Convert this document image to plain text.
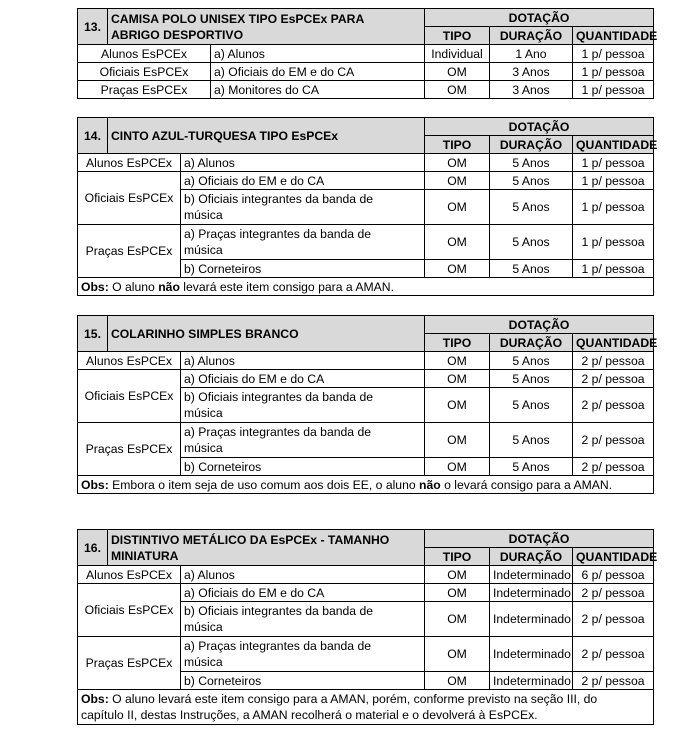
13.	CAMISA POLO UNISEX TIPO EsPCEx PARA
ABRIGO DESPORTIVO		DOTAÇÃO		
			TIPO	DURAÇÃO	QUANTIDADE
Alunos EsPCEx		a) Alunos	Individual	1 Ano	1 p/ pessoa
Oficiais EsPCEx		a) Oficiais do EM e do CA	OM	3 Anos	1 p/ pessoa
Praças EsPCEx		a) Monitores do CA	OM	3 Anos	1 p/ pessoa
14.	CINTO AZUL-TURQUESA TIPO EsPCEx		DOTAÇÃO		
			TIPO	DURAÇÃO	QUANTIDADE
Alunos EsPCEx		a) Alunos	OM	5 Anos	1 p/ pessoa
Oficiais EsPCEx		a) Oficiais do EM e do CA	OM	5 Anos	1 p/ pessoa
		b) Oficiais integrantes da banda de
música	OM	5 Anos	1 p/ pessoa
Praças EsPCEx		a) Praças integrantes da banda de
música	OM	5 Anos	1 p/ pessoa
		b) Corneteiros	OM	5 Anos	1 p/ pessoa
Obs: O aluno não levará este item consigo para a AMAN.					
15.	COLARINHO SIMPLES BRANCO		DOTAÇÃO		
			TIPO	DURAÇÃO	QUANTIDADE
Alunos EsPCEx		a) Alunos	OM	5 Anos	2 p/ pessoa
Oficiais EsPCEx		a) Oficiais do EM e do CA	OM	5 Anos	2 p/ pessoa
		b) Oficiais integrantes da banda de
música	OM	5 Anos	2 p/ pessoa
Praças EsPCEx		a) Praças integrantes da banda de
música	OM	5 Anos	2 p/ pessoa
		b) Corneteiros	OM	5 Anos	2 p/ pessoa
Obs: Embora o item seja de uso comum aos dois EE, o aluno não o levará consigo para a AMAN.					
16.	DISTINTIVO METÁLICO DA EsPCEx - TAMANHO
MINIATURA		DOTAÇÃO		
			TIPO	DURAÇÃO	QUANTIDADE
Alunos EsPCEx		a) Alunos	OM	Indeterminado	6 p/ pessoa
Oficiais EsPCEx		a) Oficiais do EM e do CA	OM	Indeterminado	2 p/ pessoa
		b) Oficiais integrantes da banda de
música	OM	Indeterminado	2 p/ pessoa
Praças EsPCEx		a) Praças integrantes da banda de
música	OM	Indeterminado	2 p/ pessoa
		b) Corneteiros	OM	Indeterminado	2 p/ pessoa
Obs: O aluno levará este item consigo para a AMAN, porém, conforme previsto na seção III, do
capítulo II, destas Instruções, a AMAN recolherá o material e o devolverá à EsPCEx.					
